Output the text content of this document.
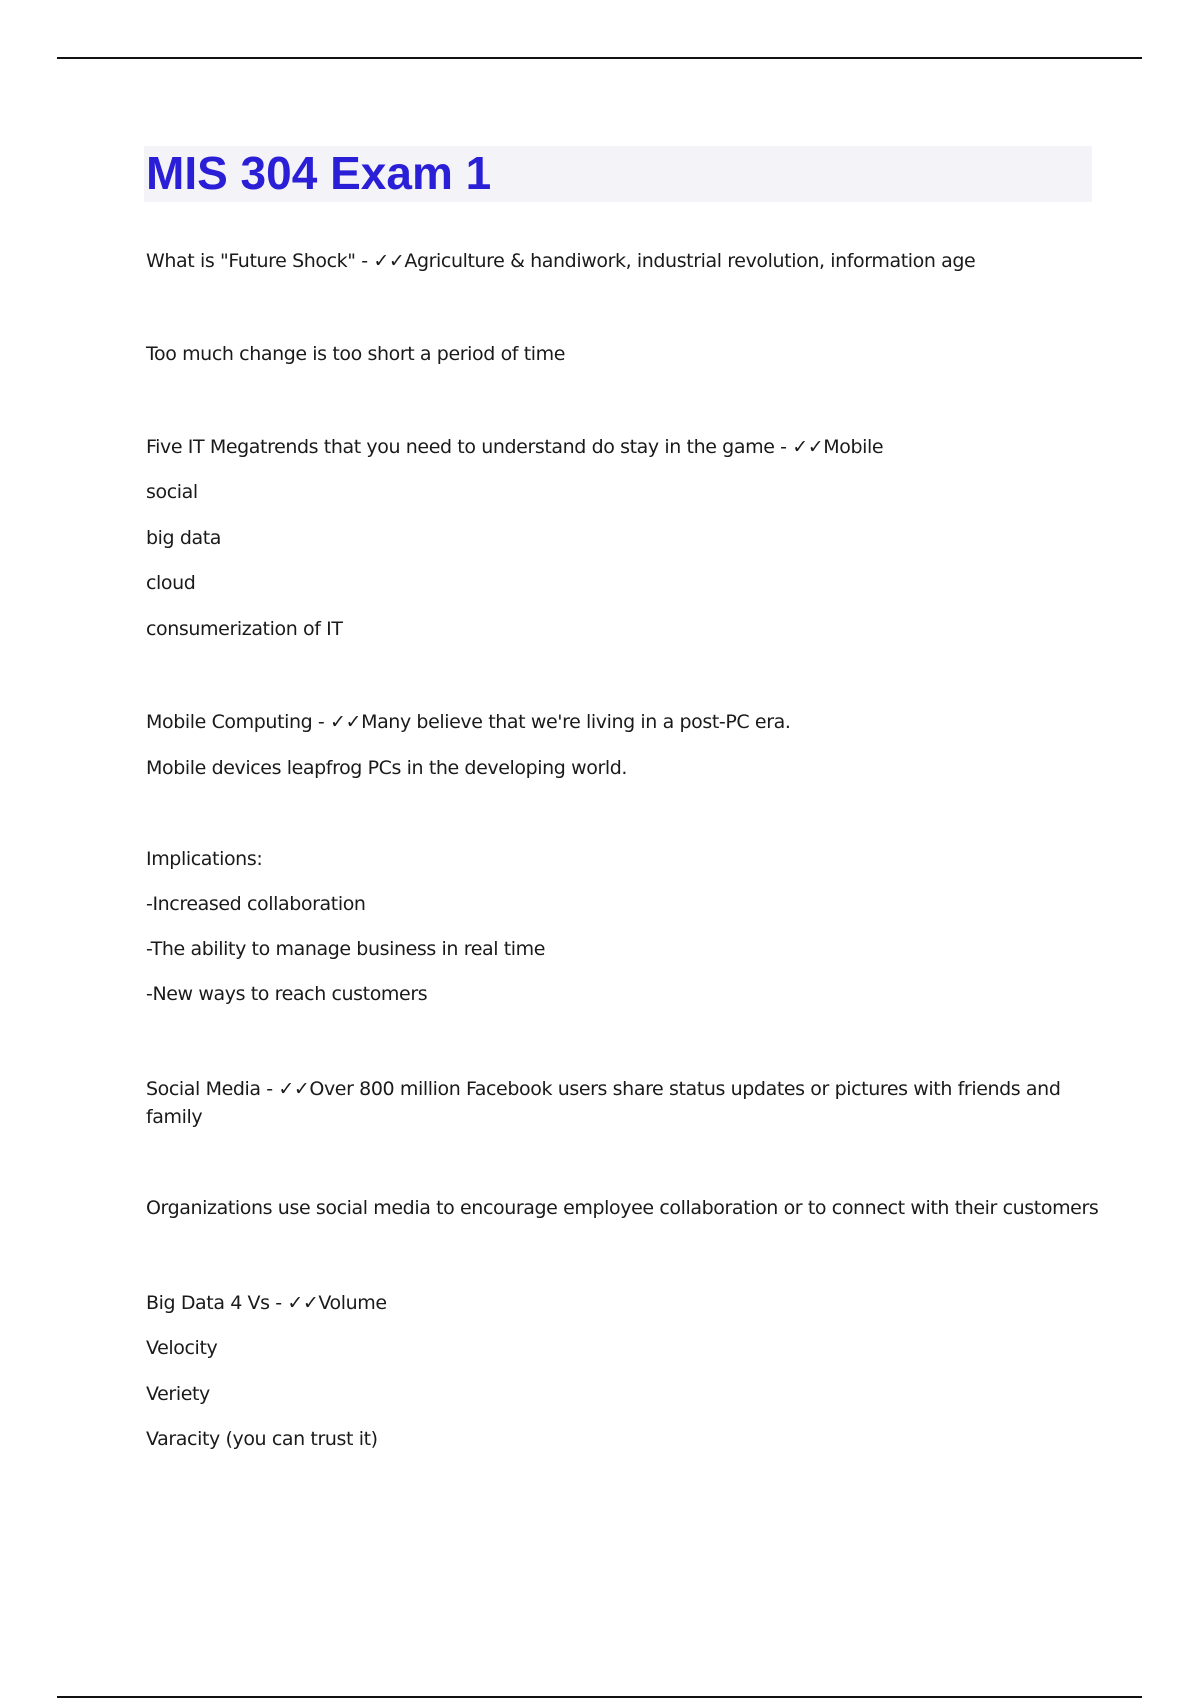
MIS 304 Exam 1

What is "Future Shock" - ✓✓Agriculture & handiwork, industrial revolution, information age

Too much change is too short a period of time

Five IT Megatrends that you need to understand do stay in the game - ✓✓Mobile

social

big data

cloud

consumerization of IT

Mobile Computing - ✓✓Many believe that we're living in a post-PC era.

Mobile devices leapfrog PCs in the developing world.

Implications:

-Increased collaboration

-The ability to manage business in real time

-New ways to reach customers

Social Media - ✓✓Over 800 million Facebook users share status updates or pictures with friends and family

Organizations use social media to encourage employee collaboration or to connect with their customers

Big Data 4 Vs - ✓✓Volume

Velocity

Veriety

Varacity (you can trust it)
